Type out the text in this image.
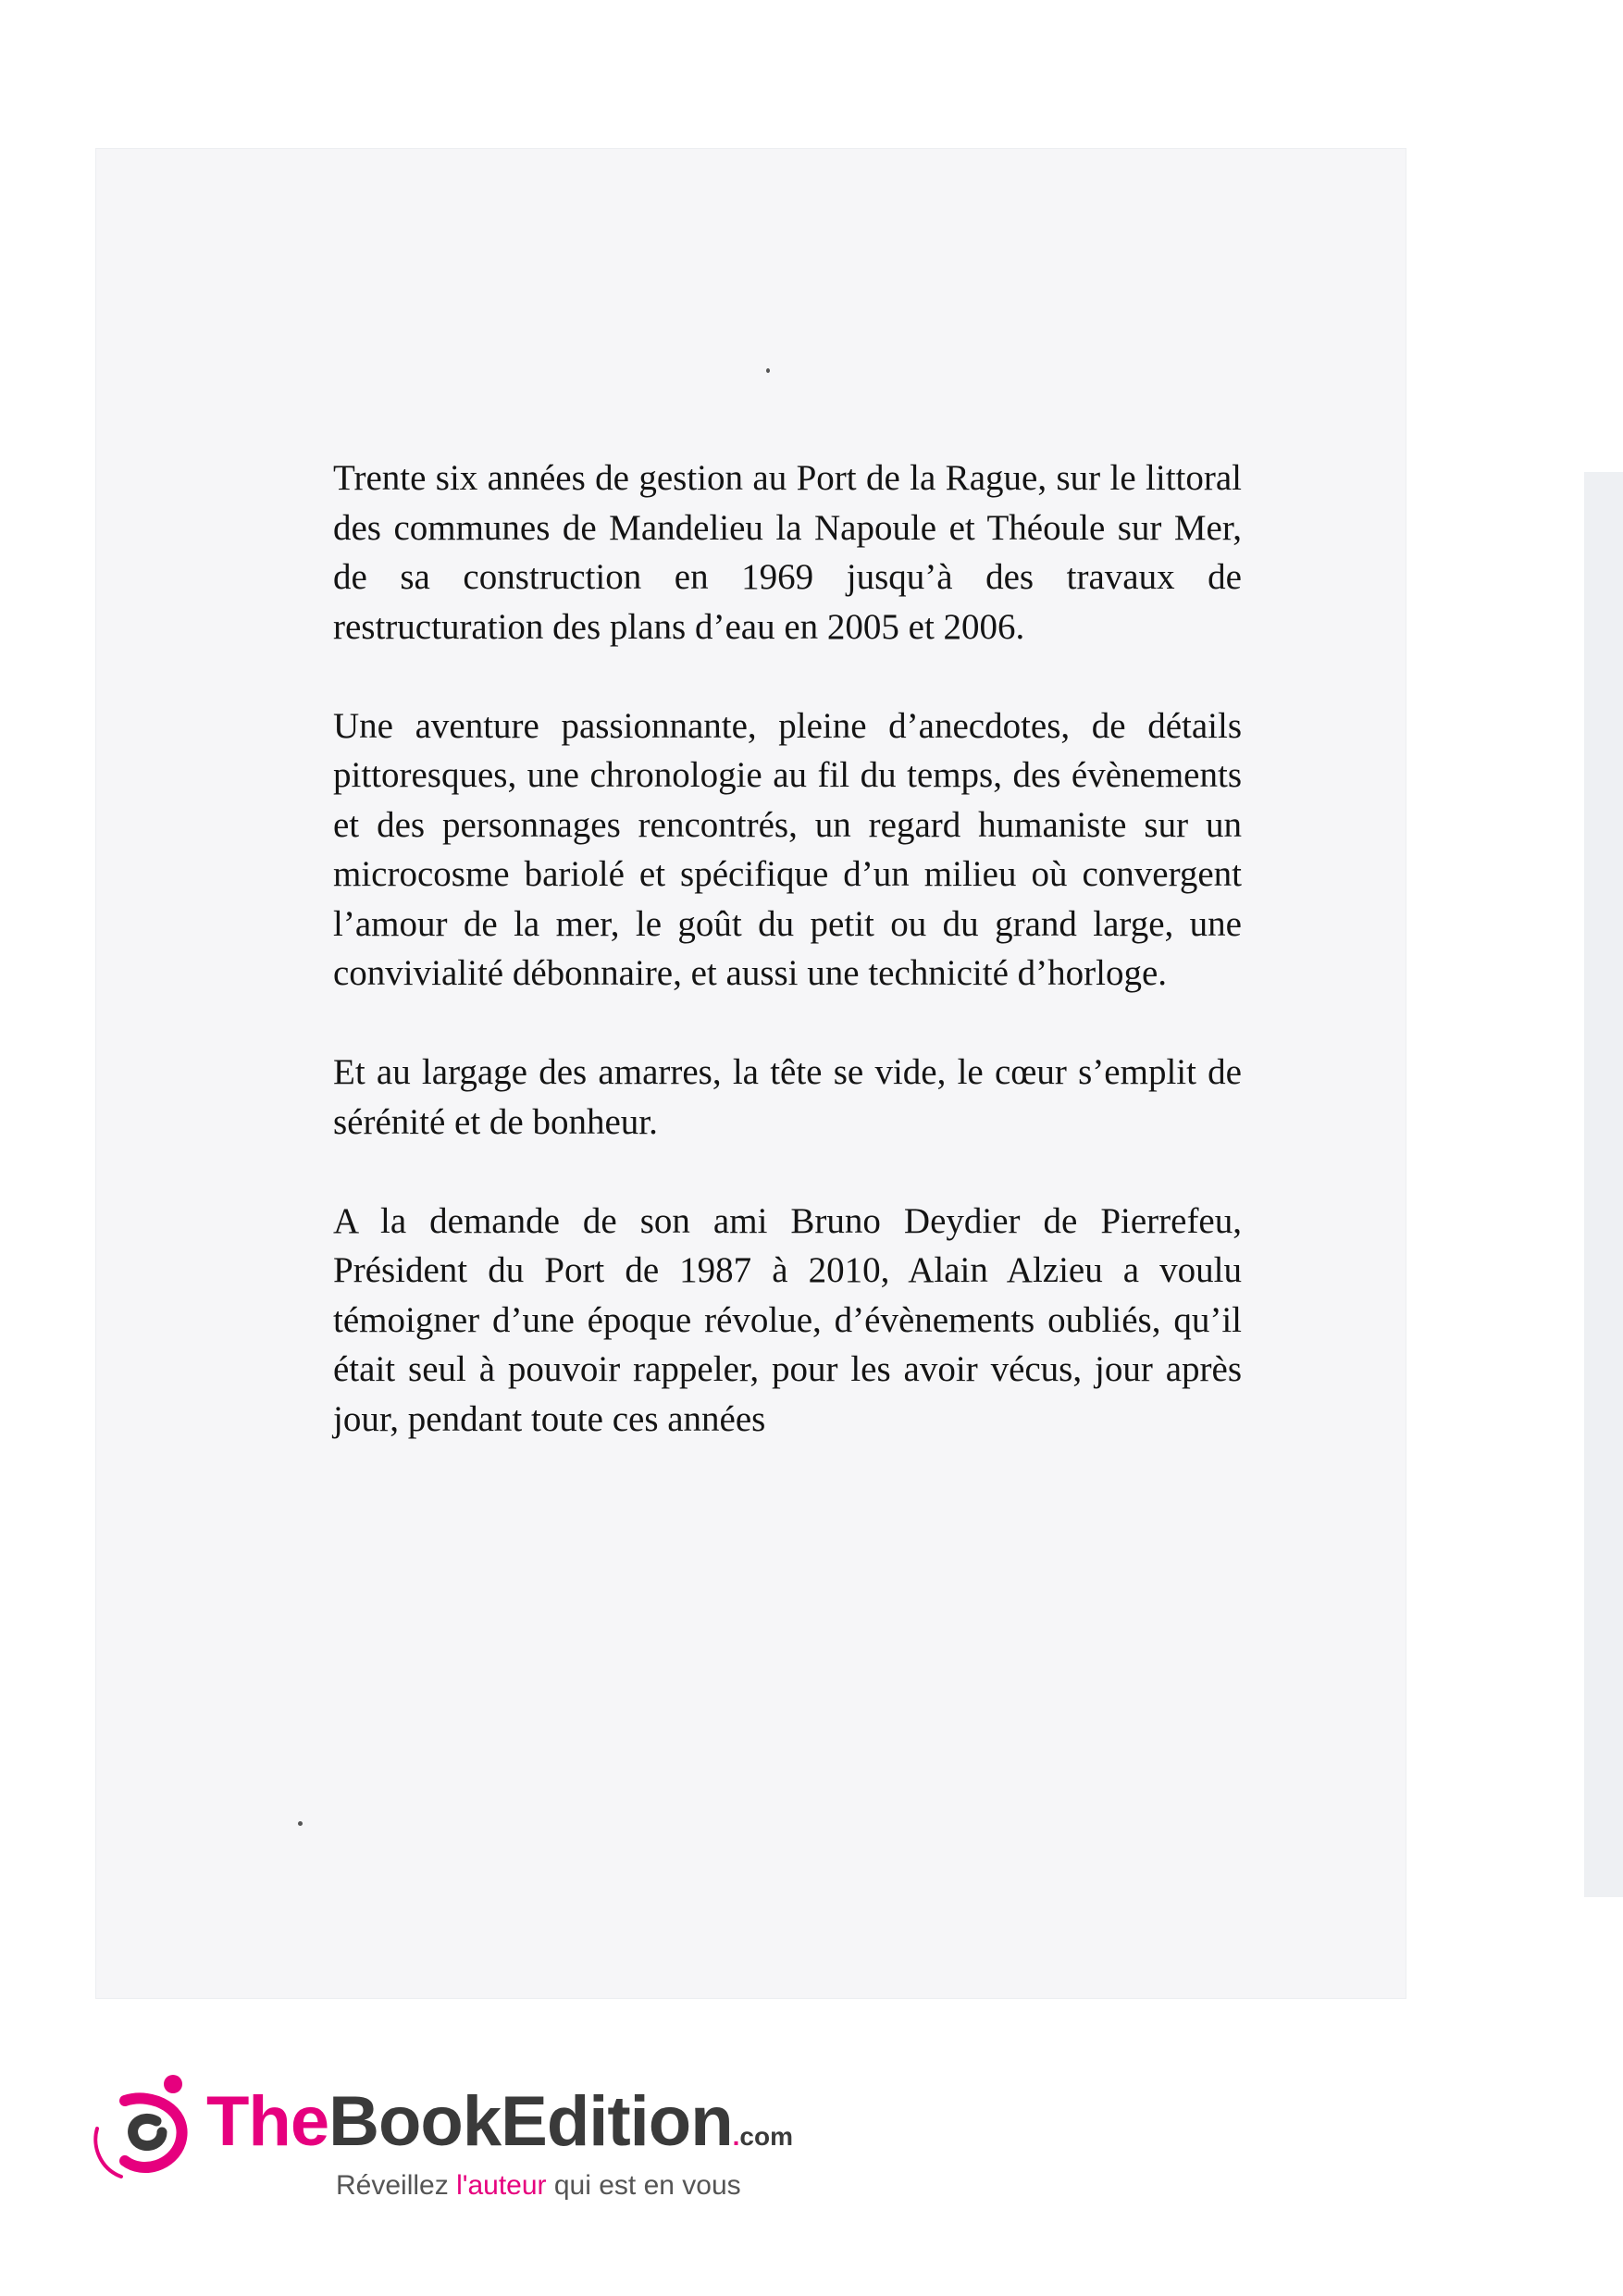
Trente six années de gestion au Port de la Rague, sur le littoral des communes de Mandelieu la Napoule et Théoule sur Mer, de sa construction en 1969 jusqu’à des travaux de restructuration des plans d’eau en 2005 et 2006.

Une aventure passionnante, pleine d’anecdotes, de détails pittoresques, une chronologie au fil du temps, des évènements et des personnages rencontrés, un regard humaniste sur un microcosme bariolé et spécifique d’un milieu où convergent l’amour de la mer, le goût du petit ou du grand large, une convivialité débonnaire, et aussi une technicité d’horloge.

Et au largage des amarres, la tête se vide, le cœur s’emplit de sérénité et de bonheur.

A la demande de son ami Bruno Deydier de Pierrefeu, Président du Port de 1987 à 2010, Alain Alzieu a voulu témoigner d’une époque révolue, d’évènements oubliés, qu’il était seul à pouvoir rappeler, pour les avoir vécus, jour après jour, pendant toute ces années

TheBookEdition.com
Réveillez l'auteur qui est en vous
